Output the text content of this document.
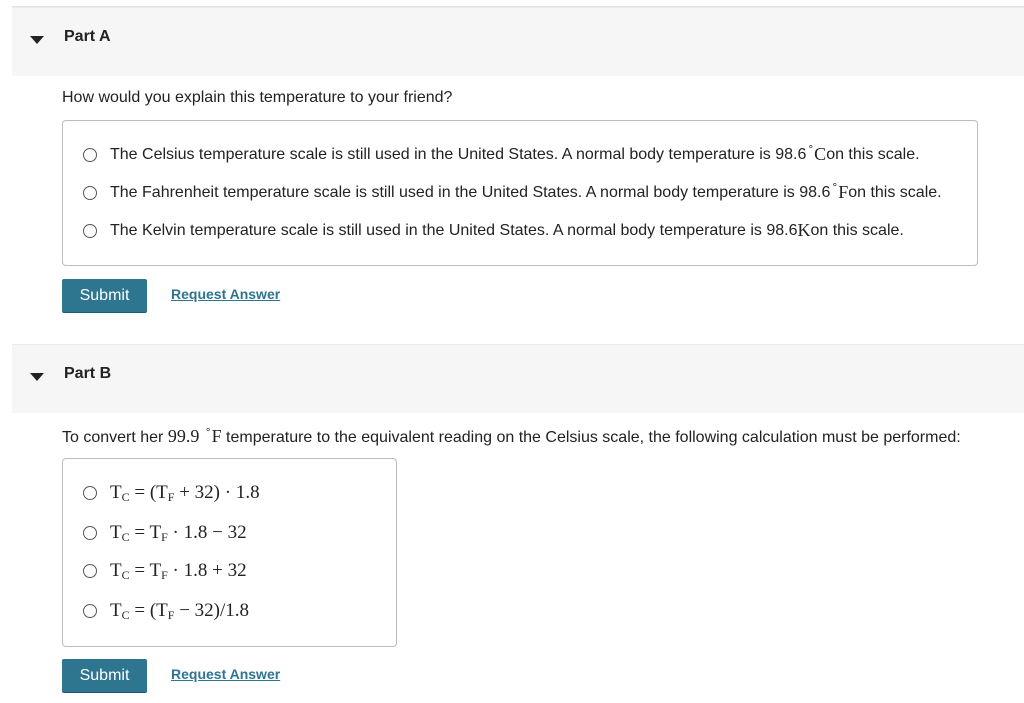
Part A
How would you explain this temperature to your friend?
The Celsius temperature scale is still used in the United States. A normal body temperature is 98.6 ° C on this scale.
The Fahrenheit temperature scale is still used in the United States. A normal body temperature is 98.6 ° F on this scale.
The Kelvin temperature scale is still used in the United States. A normal body temperature is 98.6 K on this scale.
Submit	Request Answer
Part B
To convert her 99.9 °F temperature to the equivalent reading on the Celsius scale, the following calculation must be performed:
TC = (TF + 32) · 1.8
TC = TF · 1.8 − 32
TC = TF · 1.8 + 32
TC = (TF − 32)/1.8
Submit	Request Answer
